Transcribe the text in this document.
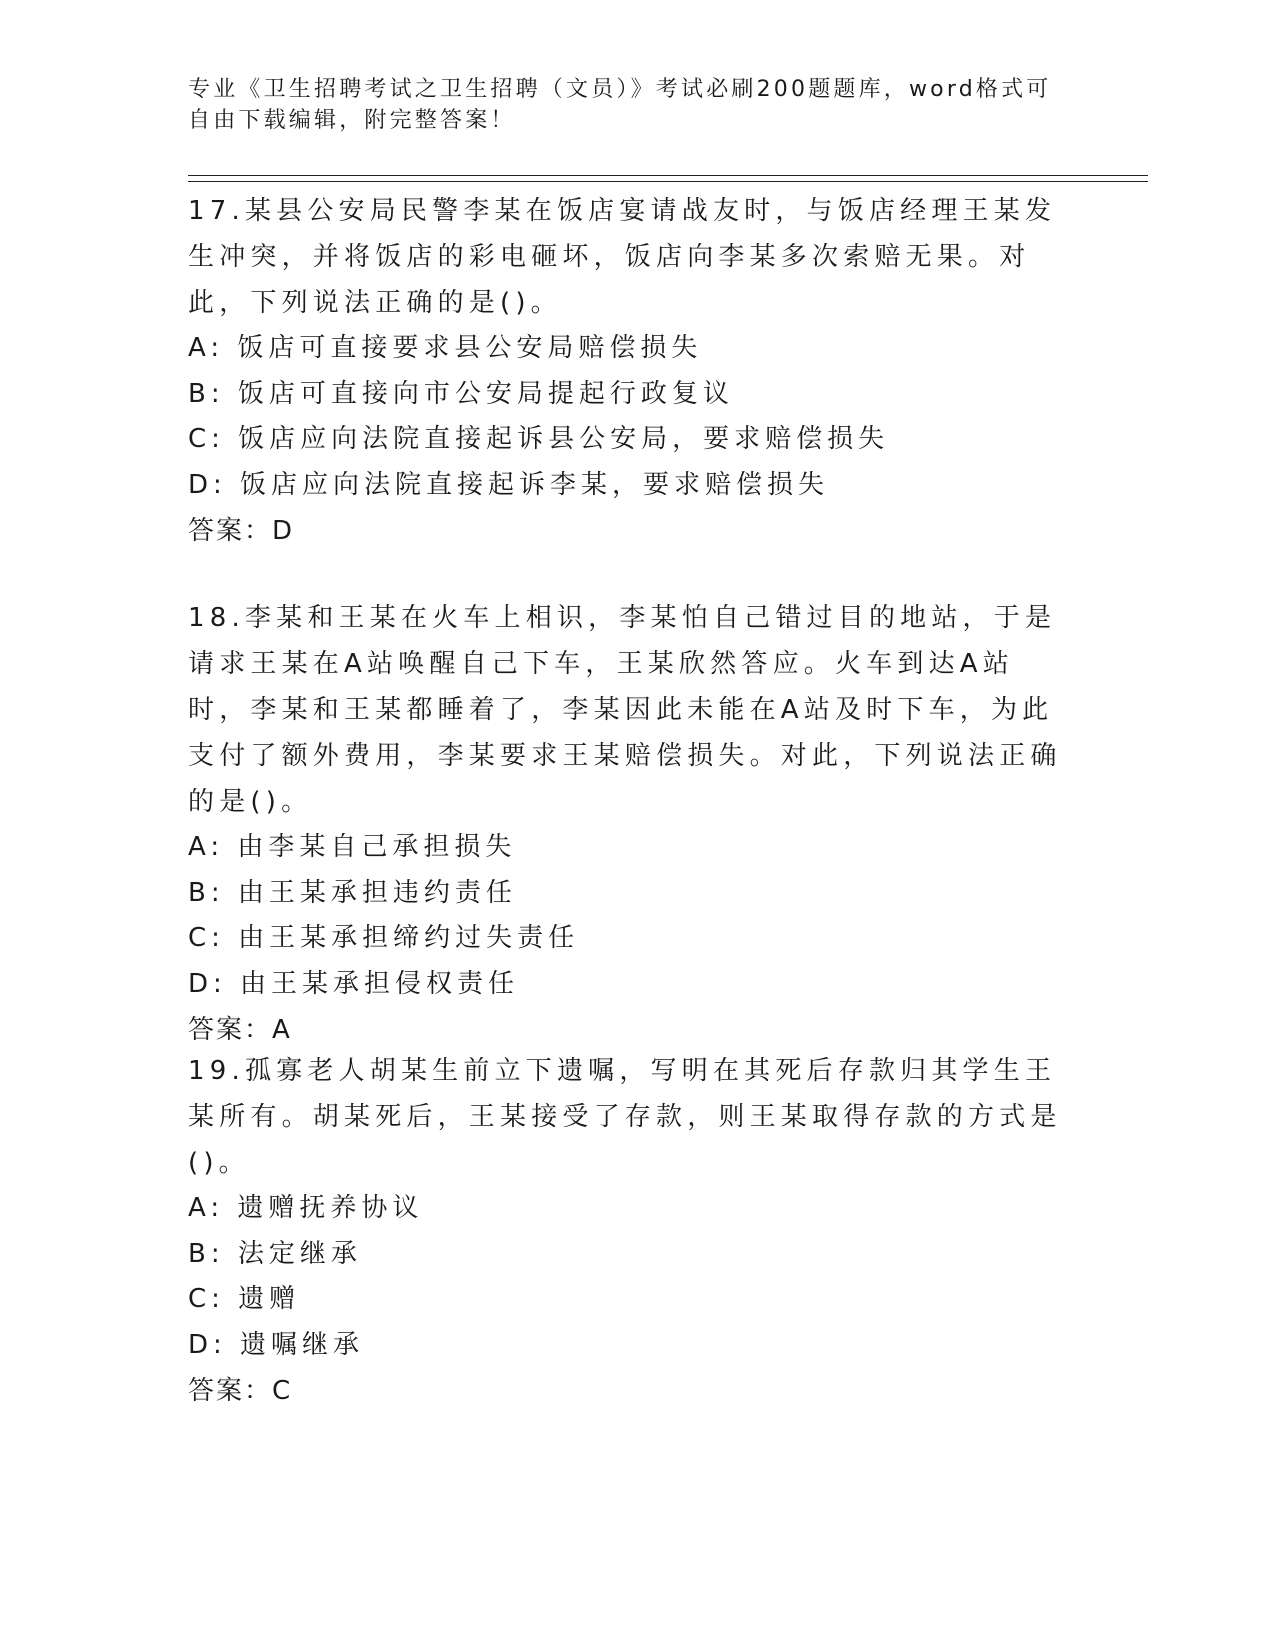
专业《卫生招聘考试之卫生招聘（文员）》考试必刷200题题库，word格式可自由下载编辑，附完整答案！

17.某县公安局民警李某在饭店宴请战友时，与饭店经理王某发生冲突，并将饭店的彩电砸坏，饭店向李某多次索赔无果。对此，下列说法正确的是()。

A: 饭店可直接要求县公安局赔偿损失
B: 饭店可直接向市公安局提起行政复议
C: 饭店应向法院直接起诉县公安局，要求赔偿损失
D: 饭店应向法院直接起诉李某，要求赔偿损失
答案：D

18.李某和王某在火车上相识，李某怕自己错过目的地站，于是请求王某在A站唤醒自己下车，王某欣然答应。火车到达A站时，李某和王某都睡着了，李某因此未能在A站及时下车，为此支付了额外费用，李某要求王某赔偿损失。对此，下列说法正确的是()。

A: 由李某自己承担损失
B: 由王某承担违约责任
C: 由王某承担缔约过失责任
D: 由王某承担侵权责任
答案：A

19.孤寡老人胡某生前立下遗嘱，写明在其死后存款归其学生王某所有。胡某死后，王某接受了存款，则王某取得存款的方式是()。

A: 遗赠抚养协议
B: 法定继承
C: 遗赠
D: 遗嘱继承
答案：C
